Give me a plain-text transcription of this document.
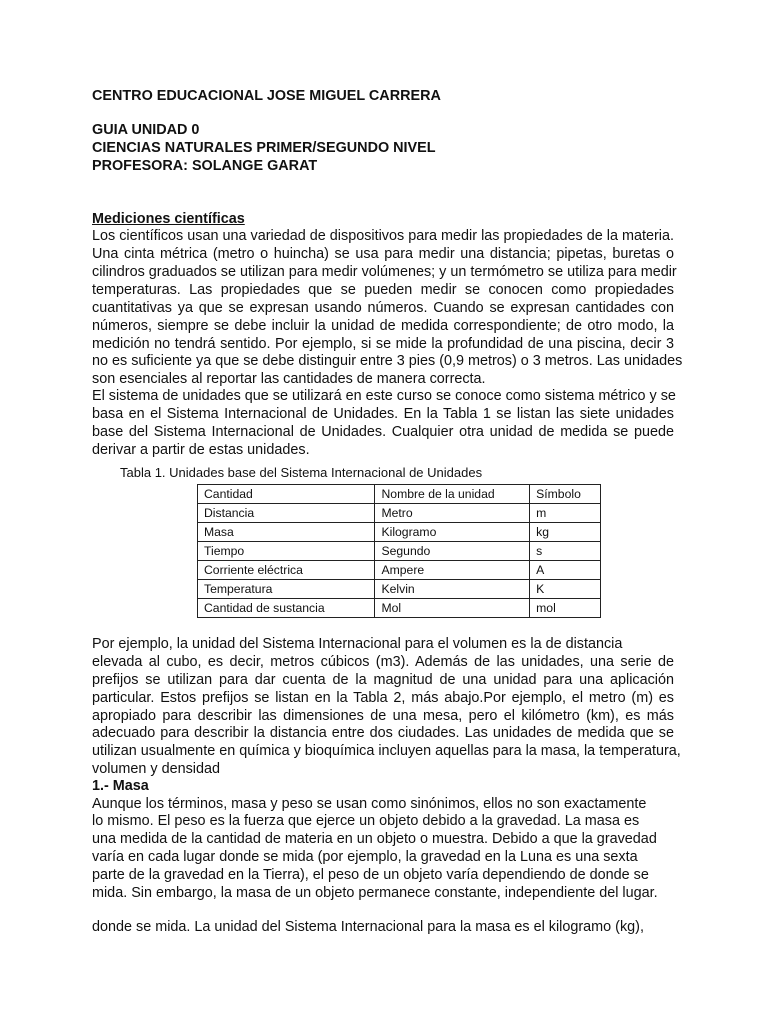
CENTRO EDUCACIONAL JOSE MIGUEL CARRERA
GUIA UNIDAD 0
CIENCIAS NATURALES PRIMER/SEGUNDO NIVEL
PROFESORA: SOLANGE GARAT
Mediciones científicas
Los científicos usan una variedad de dispositivos para medir las propiedades de la materia.
Una cinta métrica (metro o huincha) se usa para medir una distancia; pipetas, buretas o
cilindros graduados se utilizan para medir volúmenes; y un termómetro se utiliza para medir
temperaturas. Las propiedades que se pueden medir se conocen como propiedades
cuantitativas ya que se expresan usando números. Cuando se expresan cantidades con
números, siempre se debe incluir la unidad de medida correspondiente; de otro modo, la
medición no tendrá sentido. Por ejemplo, si se mide la profundidad de una piscina, decir 3
no es suficiente ya que se debe distinguir entre 3 pies (0,9 metros) o 3 metros. Las unidades
son esenciales al reportar las cantidades de manera correcta.
El sistema de unidades que se utilizará en este curso se conoce como sistema métrico y se
basa en el Sistema Internacional de Unidades. En la Tabla 1 se listan las siete unidades
base del Sistema Internacional de Unidades. Cualquier otra unidad de medida se puede
derivar a partir de estas unidades.
Tabla 1. Unidades base del Sistema Internacional de Unidades
Cantidad	Nombre de la unidad	Símbolo
Distancia	Metro	m
Masa	Kilogramo	kg
Tiempo	Segundo	s
Corriente eléctrica	Ampere	A
Temperatura	Kelvin	K
Cantidad de sustancia	Mol	mol
Por ejemplo, la unidad del Sistema Internacional para el volumen es la de distancia
elevada al cubo, es decir, metros cúbicos (m3). Además de las unidades, una serie de
prefijos se utilizan para dar cuenta de la magnitud de una unidad para una aplicación
particular. Estos prefijos se listan en la Tabla 2, más abajo.Por ejemplo, el metro (m) es
apropiado para describir las dimensiones de una mesa, pero el kilómetro (km), es más
adecuado para describir la distancia entre dos ciudades. Las unidades de medida que se
utilizan usualmente en química y bioquímica incluyen aquellas para la masa, la temperatura,
volumen y densidad
1.- Masa
Aunque los términos, masa y peso se usan como sinónimos, ellos no son exactamente
lo mismo. El peso es la fuerza que ejerce un objeto debido a la gravedad. La masa es
una medida de la cantidad de materia en un objeto o muestra. Debido a que la gravedad
varía en cada lugar donde se mida (por ejemplo, la gravedad en la Luna es una sexta
parte de la gravedad en la Tierra), el peso de un objeto varía dependiendo de donde se
mida. Sin embargo, la masa de un objeto permanece constante, independiente del lugar.
donde se mida. La unidad del Sistema Internacional para la masa es el kilogramo (kg),
